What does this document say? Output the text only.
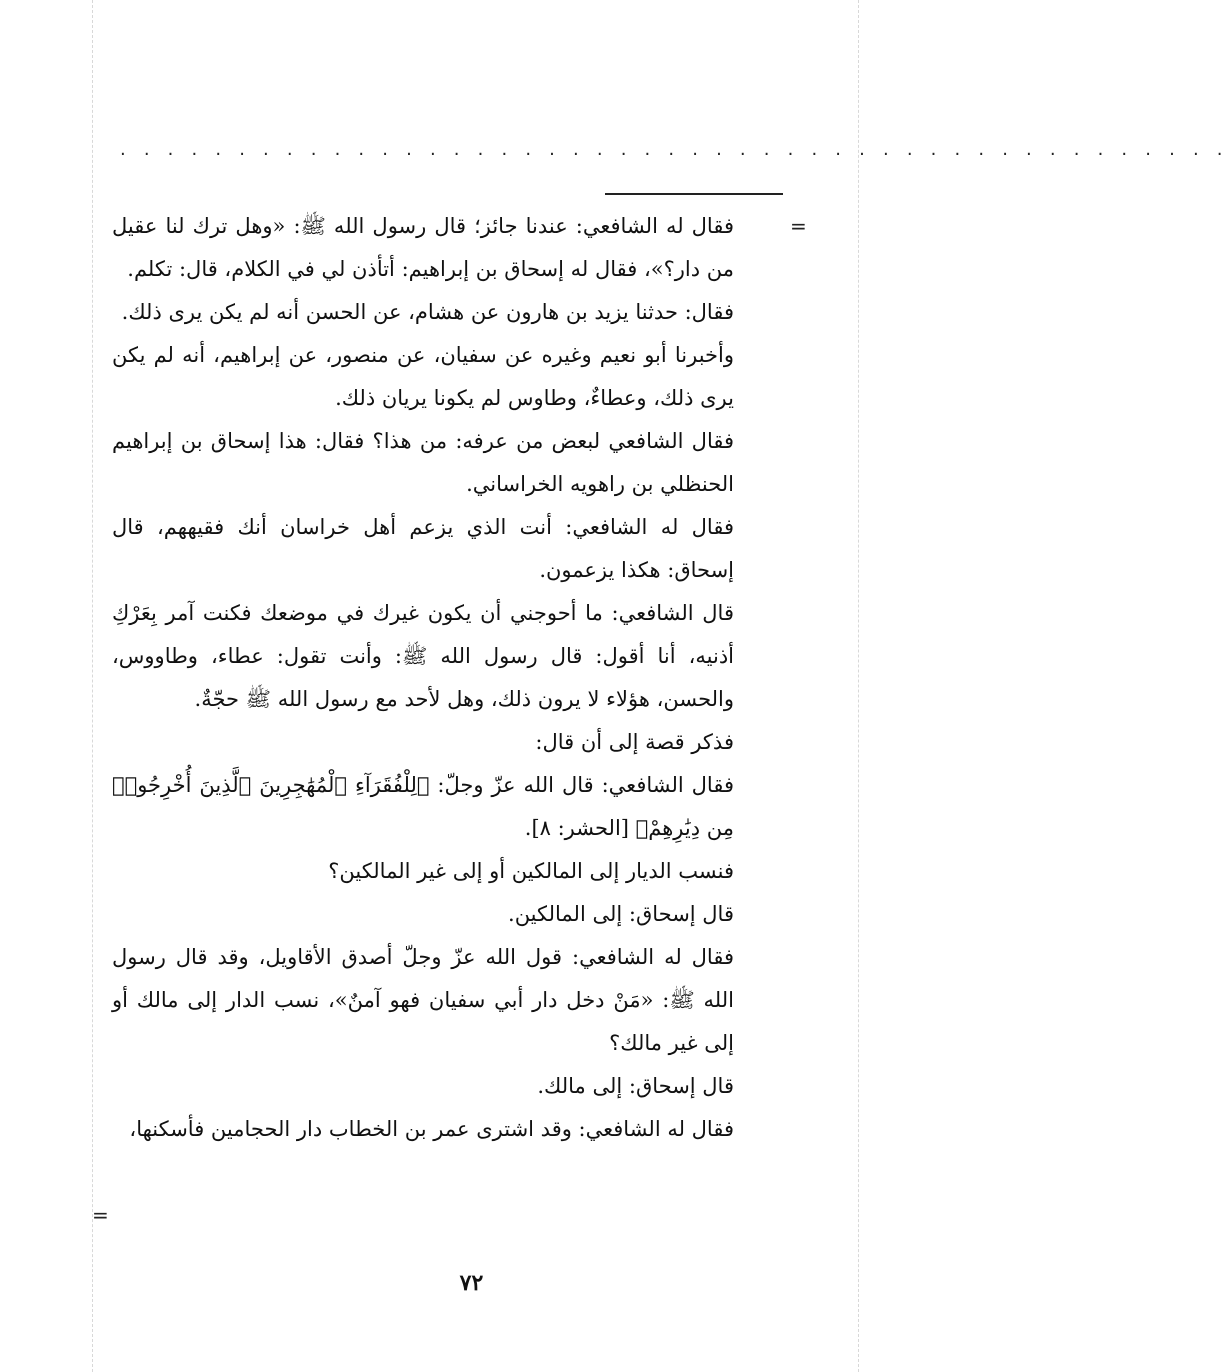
. . . . . . . . . . . . . . . . . . . . . . . . . . . . . . . . . . . . . . . . . . . . . . .
=

فقال له الشافعي: عندنا جائز؛ قال رسول الله ﷺ: «وهل ترك لنا عقيل من دار؟»، فقال له إسحاق بن إبراهيم: أتأذن لي في الكلام، قال: تكلم.

فقال: حدثنا يزيد بن هارون عن هشام، عن الحسن أنه لم يكن يرى ذلك.

وأخبرنا أبو نعيم وغيره عن سفيان، عن منصور، عن إبراهيم، أنه لم يكن يرى ذلك، وعطاءٌ، وطاوس لم يكونا يريان ذلك.

فقال الشافعي لبعض من عرفه: من هذا؟ فقال: هذا إسحاق بن إبراهيم الحنظلي بن راهويه الخراساني.

فقال له الشافعي: أنت الذي يزعم أهل خراسان أنك فقيههم، قال إسحاق: هكذا يزعمون.

قال الشافعي: ما أحوجني أن يكون غيرك في موضعك فكنت آمر بِعَرْكِ أذنيه، أنا أقول: قال رسول الله ﷺ: وأنت تقول: عطاء، وطاووس، والحسن، هؤلاء لا يرون ذلك، وهل لأحد مع رسول الله ﷺ حجّةٌ.

فذكر قصة إلى أن قال:

فقال الشافعي: قال الله عزّ وجلّ: ﴿لِلْفُقَرَآءِ ٱلْمُهَٰجِرِينَ ٱلَّذِينَ أُخْرِجُوا۟ مِن دِيَٰرِهِمْ﴾ [الحشر: ٨].

فنسب الديار إلى المالكين أو إلى غير المالكين؟

قال إسحاق: إلى المالكين.

فقال له الشافعي: قول الله عزّ وجلّ أصدق الأقاويل، وقد قال رسول الله ﷺ: «مَنْ دخل دار أبي سفيان فهو آمنٌ»، نسب الدار إلى مالك أو إلى غير مالك؟

قال إسحاق: إلى مالك.

فقال له الشافعي: وقد اشترى عمر بن الخطاب دار الحجامين فأسكنها،

=
٧٢
